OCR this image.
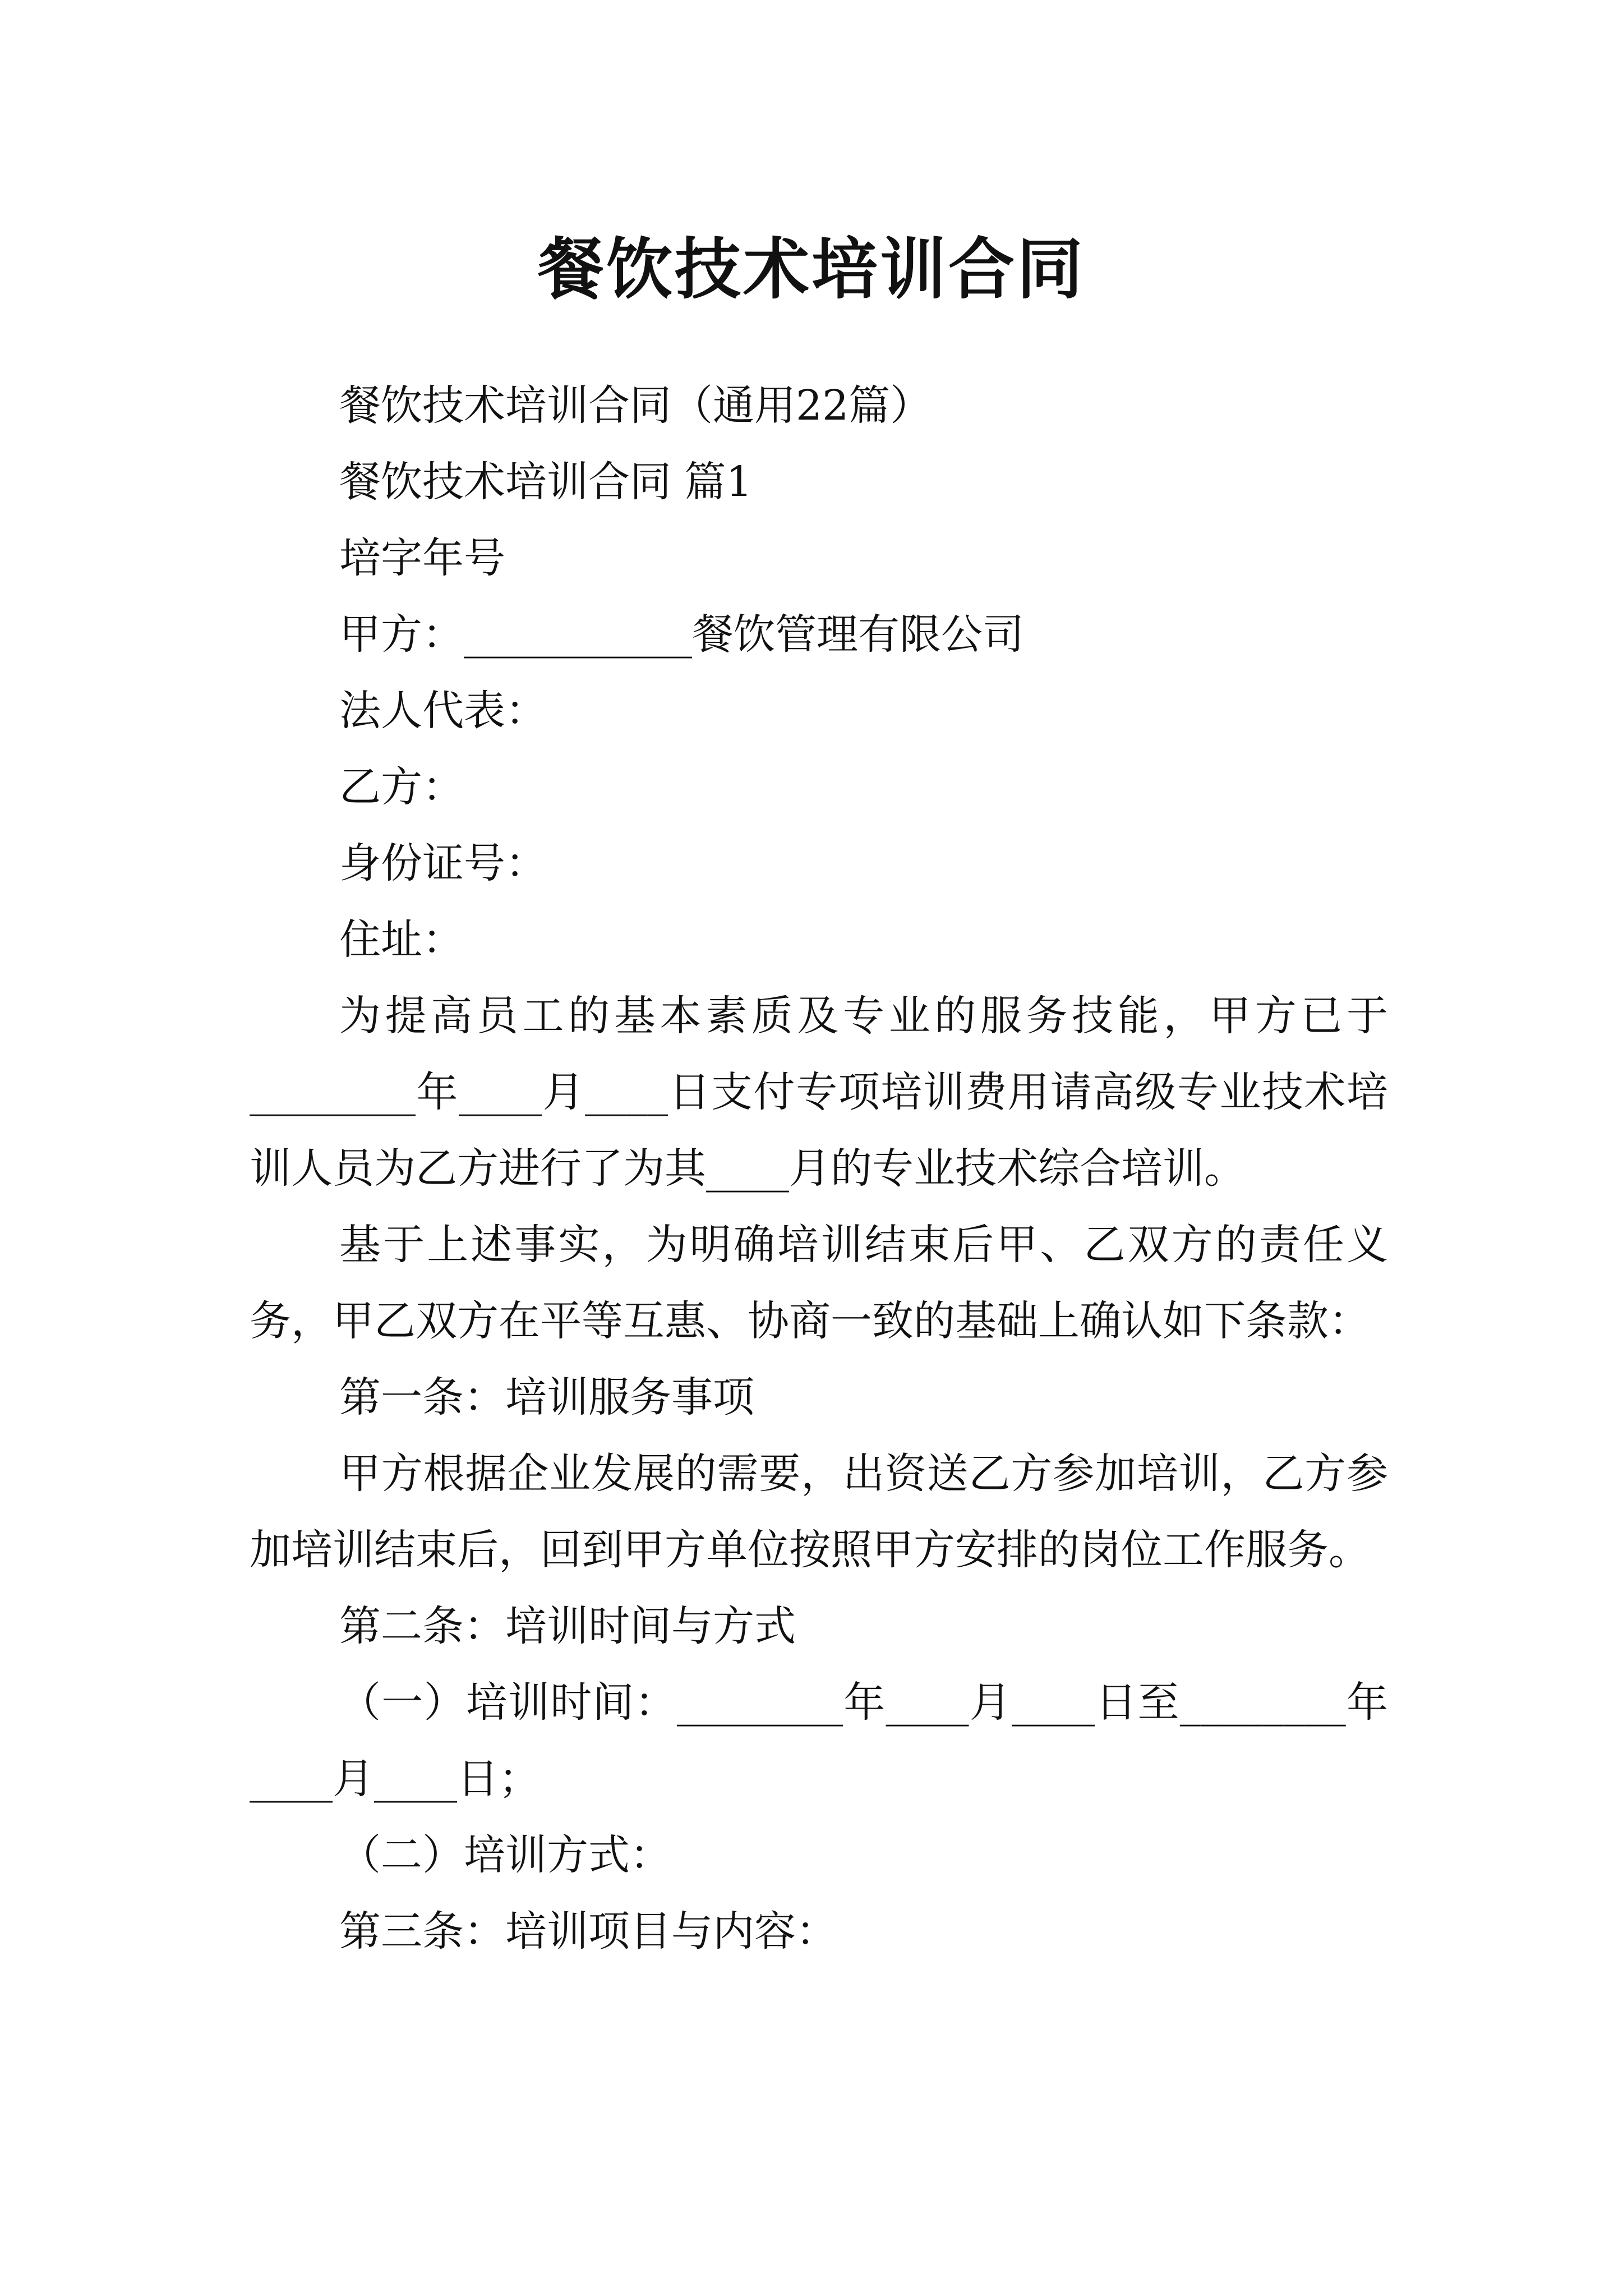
餐饮技术培训合同

餐饮技术培训合同（通用22篇）

餐饮技术培训合同 篇1

培字年号

甲方：___________餐饮管理有限公司

法人代表：

乙方：

身份证号：

住址：

为提高员工的基本素质及专业的服务技能，甲方已于________年____月____日支付专项培训费用请高级专业技术培训人员为乙方进行了为其____月的专业技术综合培训。

基于上述事实，为明确培训结束后甲、乙双方的责任义务，甲乙双方在平等互惠、协商一致的基础上确认如下条款：

第一条：培训服务事项

甲方根据企业发展的需要，出资送乙方参加培训，乙方参加培训结束后，回到甲方单位按照甲方安排的岗位工作服务。

第二条：培训时间与方式

（一）培训时间：________年____月____日至________年____月____日；

（二）培训方式：

第三条：培训项目与内容：
